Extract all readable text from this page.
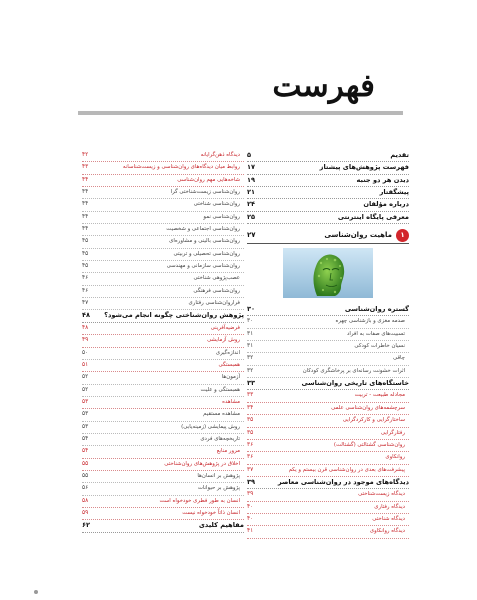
فهرست
تقدیم
۵
فهرست پژوهش‌های پیشتاز
۱۷
دیدن هر دو جنبه
۱۹
پیشگفتار
۲۱
درباره مؤلفان
۲۴
معرفی پایگاه اینترنتی
۲۵
۱
ماهیت روان‌شناسی
۲۷
گستره روان‌شناسی
۳۰
صدمه مغزی و بازشناسی چهره
۳۰
تسبیت‌های صفات به افراد
۳۱
نسیان خاطرات کودکی
۳۱
چاقی
۳۲
اثرات خشونت رسانه‌ای بر پرخاشگری کودکان
۳۲
خاستگاه‌های تاریخی روان‌شناسی
۳۳
مجادله طبیعت - تربیت
۳۳
سرچشمه‌های روان‌شناسی علمی
۳۴
ساختارگرایی و کارکردگرایی
۳۵
رفتارگرایی
۳۵
روان‌شناسی گشتالتی (گشتالت)
۳۶
روانکاوی
۳۶
پیشرفت‌های بعدی در روان‌شناسی قرن بیستم و یکم
۳۷
دیدگاه‌های موجود در روان‌شناسی معاصر
۳۹
دیدگاه زیست‌شناختی
۳۹
دیدگاه رفتاری
۴۰
دیدگاه شناختی
۴۰
دیدگاه روانکاوی
۴۱
دیدگاه ذهن‌گرایانه
۴۲
روابط میان دیدگاه‌های روان‌شناسی و زیست‌شناسانه
۴۳
شاخه‌هایی مهم روان‌شناسی
۴۴
روان‌شناسی زیست‌شناختی گرا
۴۴
روان‌شناسی شناختی
۴۴
روان‌شناسی نمو
۴۴
روان‌شناسی اجتماعی و شخصیت
۴۴
روان‌شناسی بالینی و مشاوره‌ای
۴۵
روان‌شناسی تحصیلی و تربیتی
۴۵
روان‌شناسی سازمانی و مهندسی
۴۵
عصب‌پژوهی شناختی
۴۶
روان‌شناسی فرهنگی
۴۶
فراروان‌شناسی رفتاری
۴۷
پژوهش روان‌شناختی چگونه انجام می‌شود؟
۴۸
فرضیه‌آفرینی
۴۸
روش آزمایشی
۴۹
اندازه‌گیری
۵۰
همبستگی
۵۱
آزمون‌ها
۵۲
همبستگی و علیت
۵۲
مشاهده
۵۳
مشاهده مستقیم
۵۳
روش پیمایشی (زمینه‌یابی)
۵۳
تاریخچه‌های فردی
۵۴
مرور منابع
۵۴
اخلاق در پژوهش‌های روان‌شناختی
۵۵
پژوهش بر انسان‌ها
۵۵
پژوهش بر حیوانات
۵۶
انسان به طور فطری خودخواه است
۵۸
انسان ذاتاً خودخواه نیست
۵۹
مفاهیم کلیدی
۶۲
